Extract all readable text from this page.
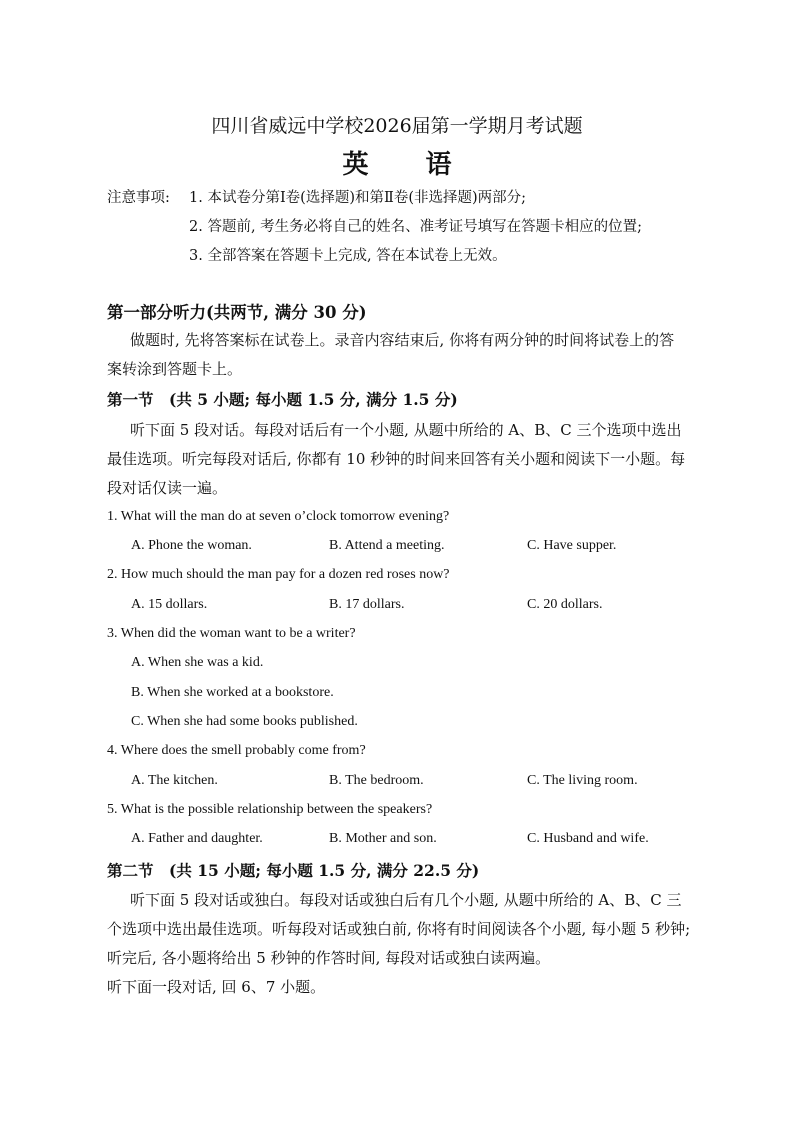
四川省威远中学校2026届第一学期月考试题
英 语
注意事项: 1. 本试卷分第Ⅰ卷(选择题)和第Ⅱ卷(非选择题)两部分;
2. 答题前, 考生务必将自己的姓名、准考证号填写在答题卡相应的位置;
3. 全部答案在答题卡上完成, 答在本试卷上无效。
第一部分听力(共两节, 满分 30 分)
做题时, 先将答案标在试卷上。录音内容结束后, 你将有两分钟的时间将试卷上的答
案转涂到答题卡上。
第一节　(共 5 小题; 每小题 1.5 分, 满分 1.5 分)
听下面 5 段对话。每段对话后有一个小题, 从题中所给的 A、B、C 三个选项中选出
最佳选项。听完每段对话后, 你都有 10 秒钟的时间来回答有关小题和阅读下一小题。每
段对话仅读一遍。
1. What will the man do at seven o’clock tomorrow evening?
A. Phone the woman.	B. Attend a meeting.	C. Have supper.
2. How much should the man pay for a dozen red roses now?
A. 15 dollars.	B. 17 dollars.	C. 20 dollars.
3. When did the woman want to be a writer?
A. When she was a kid.
B. When she worked at a bookstore.
C. When she had some books published.
4. Where does the smell probably come from?
A. The kitchen.	B. The bedroom.	C. The living room.
5. What is the possible relationship between the speakers?
A. Father and daughter.	B. Mother and son.	C. Husband and wife.
第二节　(共 15 小题; 每小题 1.5 分, 满分 22.5 分)
听下面 5 段对话或独白。每段对话或独白后有几个小题, 从题中所给的 A、B、C 三
个选项中选出最佳选项。听每段对话或独白前, 你将有时间阅读各个小题, 每小题 5 秒钟;
听完后, 各小题将给出 5 秒钟的作答时间, 每段对话或独白读两遍。
听下面一段对话, 回 6、7 小题。
